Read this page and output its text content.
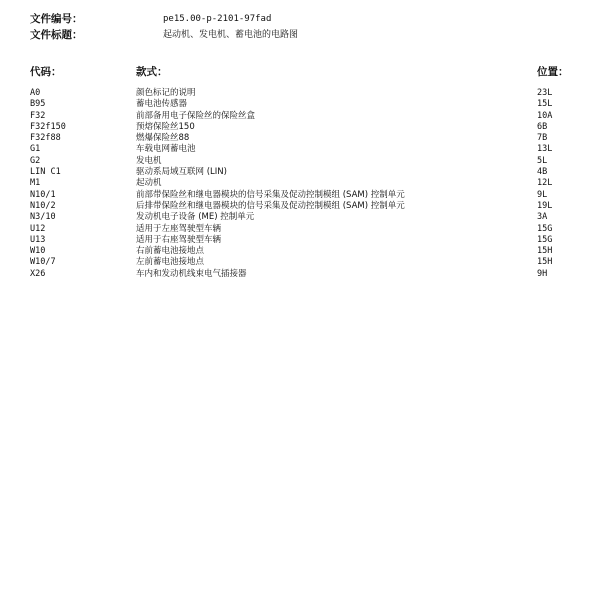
文件编号：	pe15.00-p-2101-97fad
文件标题：	起动机、发电机、蓄电池的电路图
代码：	款式：	位置：
A0	颜色标记的说明	23L
B95	蓄电池传感器	15L
F32	前部备用电子保险丝的保险丝盒	10A
F32f150	预熔保险丝150	6B
F32f88	燃爆保险丝88	7B
G1	车载电网蓄电池	13L
G2	发电机	5L
LIN C1	驱动系局域互联网 (LIN)	4B
M1	起动机	12L
N10/1	前部带保险丝和继电器模块的信号采集及促动控制模组 (SAM) 控制单元	9L
N10/2	后排带保险丝和继电器模块的信号采集及促动控制模组 (SAM) 控制单元	19L
N3/10	发动机电子设备 (ME) 控制单元	3A
U12	适用于左座驾驶型车辆	15G
U13	适用于右座驾驶型车辆	15G
W10	右前蓄电池接地点	15H
W10/7	左前蓄电池接地点	15H
X26	车内和发动机线束电气插接器	9H
